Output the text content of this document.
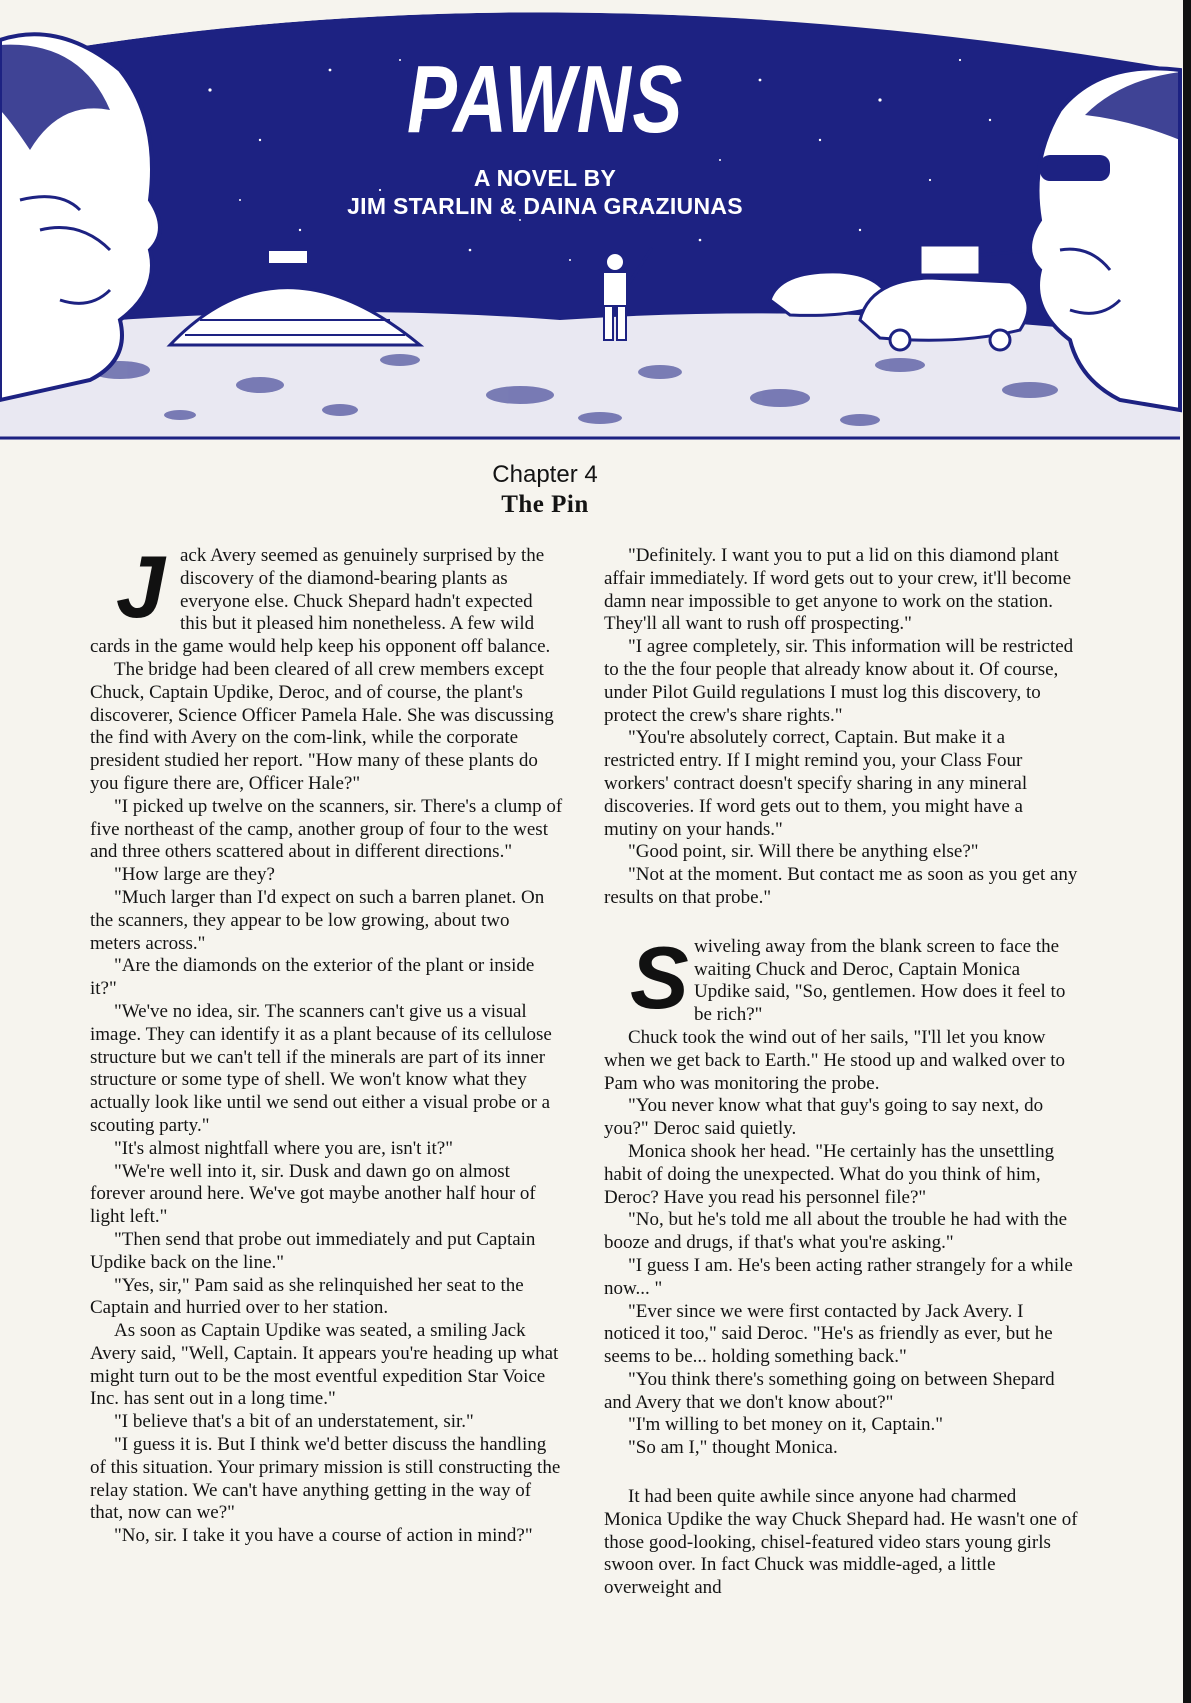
PAWNS
A NOVEL BY
JIM STARLIN & DAINA GRAZIUNAS
Chapter 4
The Pin

Jack Avery seemed as genuinely surprised by the discovery of the diamond-bearing plants as everyone else. Chuck Shepard hadn't expected this but it pleased him nonetheless. A few wild cards in the game would help keep his opponent off balance.

The bridge had been cleared of all crew members except Chuck, Captain Updike, Deroc, and of course, the plant's discoverer, Science Officer Pamela Hale. She was discussing the find with Avery on the com-link, while the corporate president studied her report. "How many of these plants do you figure there are, Officer Hale?"

"I picked up twelve on the scanners, sir. There's a clump of five northeast of the camp, another group of four to the west and three others scattered about in different directions."

"How large are they?

"Much larger than I'd expect on such a barren planet. On the scanners, they appear to be low growing, about two meters across."

"Are the diamonds on the exterior of the plant or inside it?"

"We've no idea, sir. The scanners can't give us a visual image. They can identify it as a plant because of its cellulose structure but we can't tell if the minerals are part of its inner structure or some type of shell. We won't know what they actually look like until we send out either a visual probe or a scouting party."

"It's almost nightfall where you are, isn't it?"

"We're well into it, sir. Dusk and dawn go on almost forever around here. We've got maybe another half hour of light left."

"Then send that probe out immediately and put Captain Updike back on the line."

"Yes, sir," Pam said as she relinquished her seat to the Captain and hurried over to her station.

As soon as Captain Updike was seated, a smiling Jack Avery said, "Well, Captain. It appears you're heading up what might turn out to be the most eventful expedition Star Voice Inc. has sent out in a long time."

"I believe that's a bit of an understatement, sir."

"I guess it is. But I think we'd better discuss the handling of this situation. Your primary mission is still constructing the relay station. We can't have anything getting in the way of that, now can we?"

"No, sir. I take it you have a course of action in mind?"

"Definitely. I want you to put a lid on this diamond plant affair immediately. If word gets out to your crew, it'll become damn near impossible to get anyone to work on the station. They'll all want to rush off prospecting."

"I agree completely, sir. This information will be restricted to the the four people that already know about it. Of course, under Pilot Guild regulations I must log this discovery, to protect the crew's share rights."

"You're absolutely correct, Captain. But make it a restricted entry. If I might remind you, your Class Four workers' contract doesn't specify sharing in any mineral discoveries. If word gets out to them, you might have a mutiny on your hands."

"Good point, sir. Will there be anything else?"

"Not at the moment. But contact me as soon as you get any results on that probe."

Swiveling away from the blank screen to face the waiting Chuck and Deroc, Captain Monica Updike said, "So, gentlemen. How does it feel to be rich?"

Chuck took the wind out of her sails, "I'll let you know when we get back to Earth." He stood up and walked over to Pam who was monitoring the probe.

"You never know what that guy's going to say next, do you?" Deroc said quietly.

Monica shook her head. "He certainly has the unsettling habit of doing the unexpected. What do you think of him, Deroc? Have you read his personnel file?"

"No, but he's told me all about the trouble he had with the booze and drugs, if that's what you're asking."

"I guess I am. He's been acting rather strangely for a while now... "

"Ever since we were first contacted by Jack Avery. I noticed it too," said Deroc. "He's as friendly as ever, but he seems to be... holding something back."

"You think there's something going on between Shepard and Avery that we don't know about?"

"I'm willing to bet money on it, Captain."

"So am I," thought Monica.

It had been quite awhile since anyone had charmed Monica Updike the way Chuck Shepard had. He wasn't one of those good-looking, chisel-featured video stars young girls swoon over. In fact Chuck was middle-aged, a little overweight and
